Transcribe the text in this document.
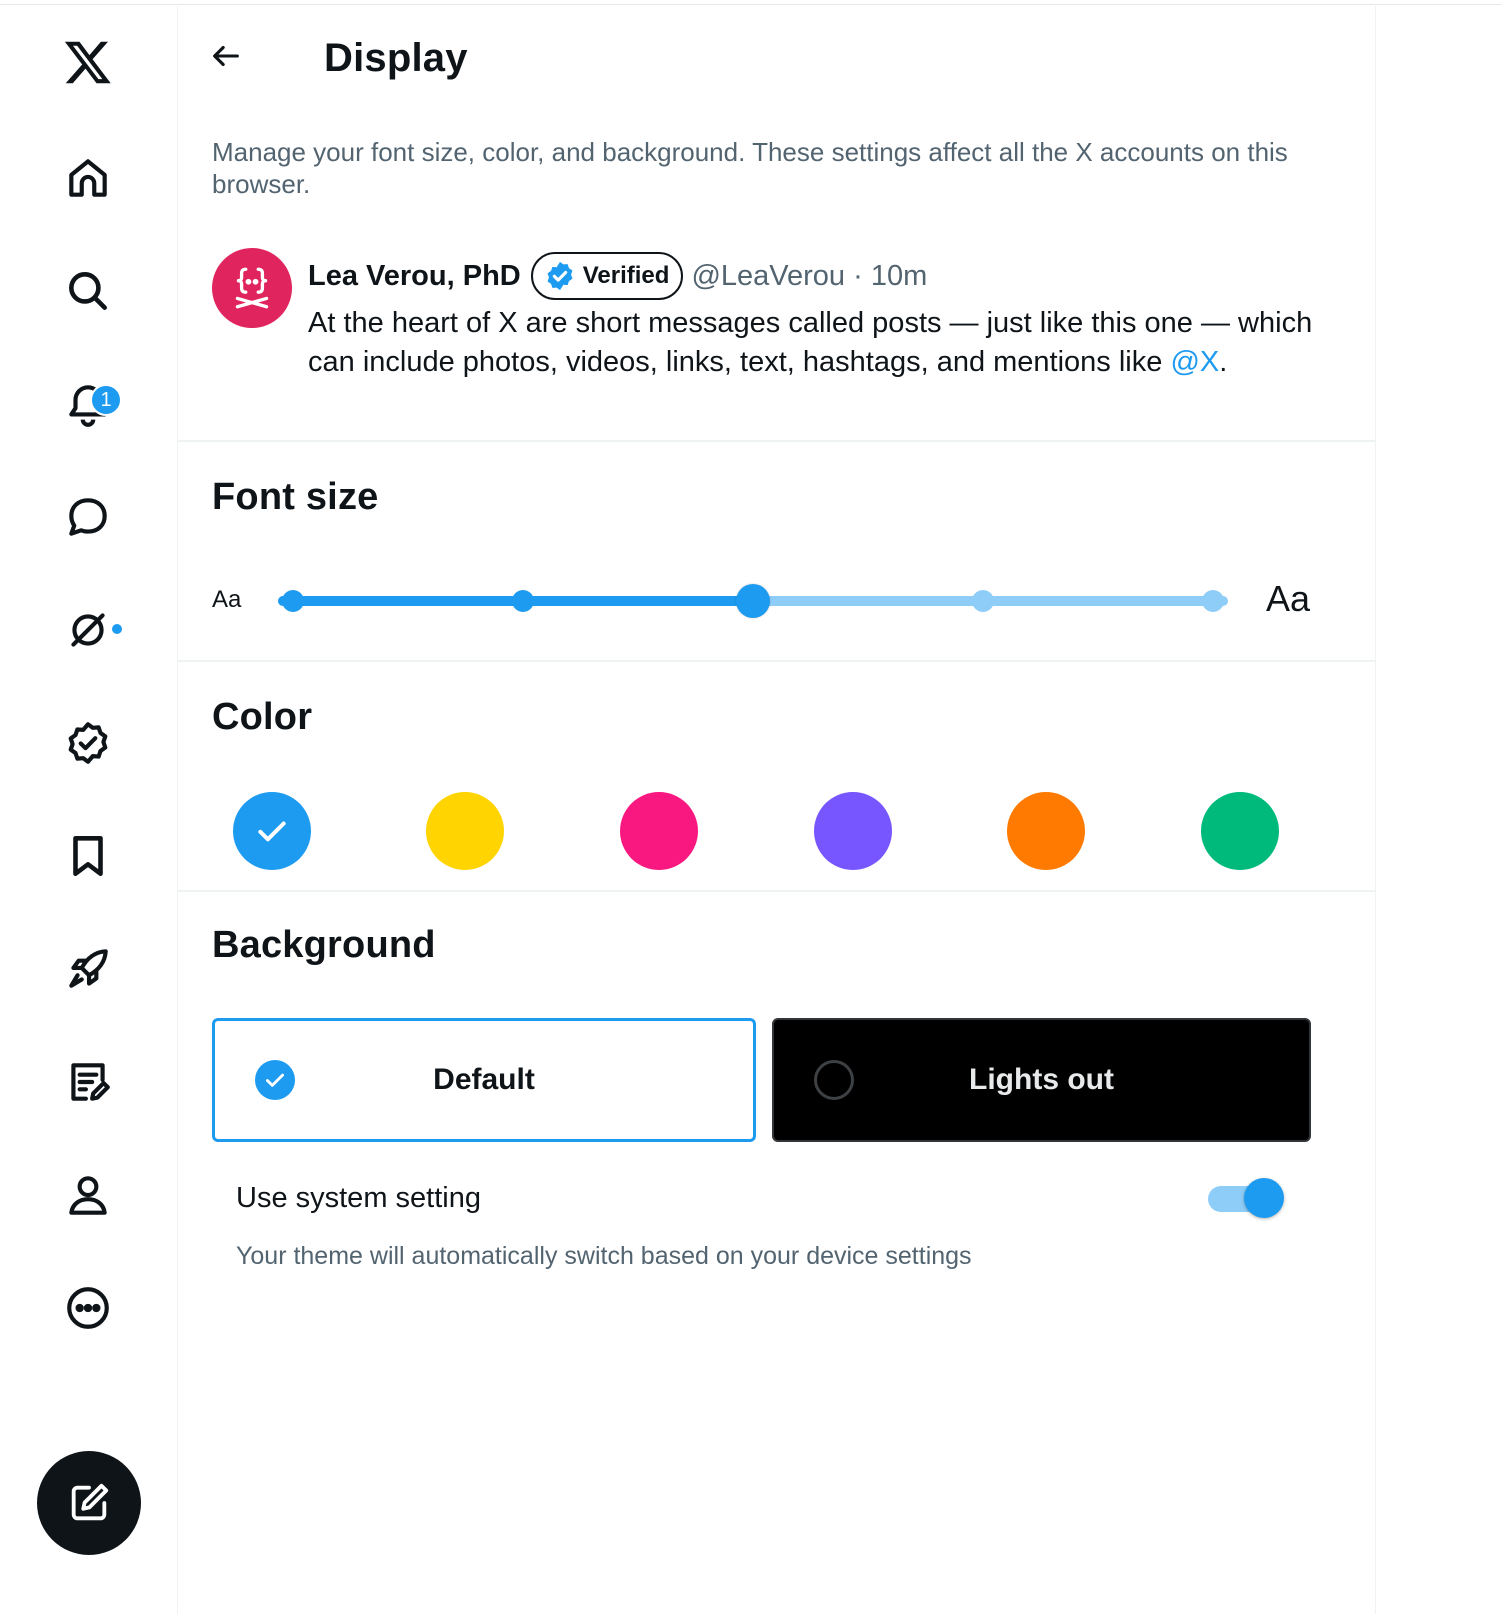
1
Display

Manage your font size, color, and background. These settings affect all the X accounts on this browser.

Lea Verou, PhD	Verified @LeaVerou · 10m

At the heart of X are short messages called posts — just like this one — which can include photos, videos, links, text, hashtags, and mentions like @X.

Font size
Aa	Aa
Color
Background
Default	Lights out
Use system setting
Your theme will automatically switch based on your device settings
